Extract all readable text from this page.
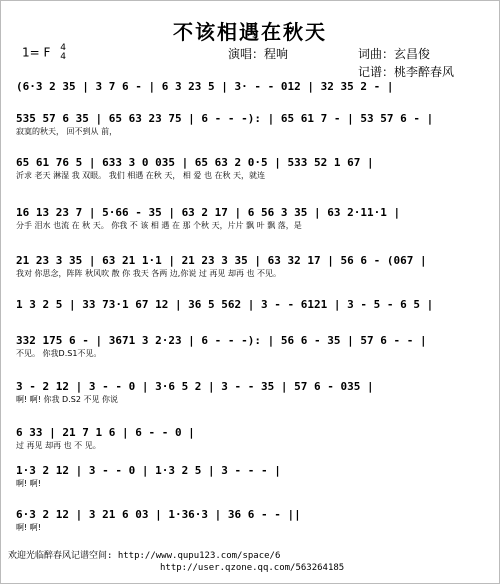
不该相遇在秋天
1= F 4
4	演唱：程响	词曲：玄昌俊
记谱：桃李醉春风
(6·3 2 35 | 3 7 6 - | 6 3 23 5 | 3· - - 012 | 32 35 2 - |
535 57 6 35 | 65 63 23 75 | 6 - - -): | 65 61 7 - | 53 57 6 - |
寂寞的秋天， 回不到从 前，
65 61 76 5 | 633 3 0 035 | 65 63 2 0·5 | 533 52 1 67 |
沂求 老天 淋湿 我 双眼。 我们 相遇 在秋 天， 相 爱 也 在秋 天，就连
16 13 23 7 | 5·66 - 35 | 63 2 17 | 6 56 3 35 | 63 2·11·1 |
分手 泪水 也流 在 秋 天。 你我 不 该 相 遇 在 那 个秋 天，片片 飘 叶 飘 落，是
21 23 3 35 | 63 21 1·1 | 21 23 3 35 | 63 32 17 | 56 6 - (067 |
我对 你思念，阵阵 秋风吹 散 你 我天 各两 边,你说 过 再见 却再 也 不见。
1 3 2 5 | 33 73·1 67 12 | 36 5 562 | 3 - - 6121 | 3 - 5 - 6 5 |
332 175 6 - | 3671 3 2·23 | 6 - - -): | 56 6 - 35 | 57 6 - - |
不见。 你我D.S1不见。
3 - 2 12 | 3 - - 0 | 3·6 5 2 | 3 - - 35 | 57 6 - 035 |
啊! 啊! 你我 D.S2 不见 你说
6 33 | 21 7 1 6 | 6 - - 0 |
过 再见 却再 也 不 见。
1·3 2 12 | 3 - - 0 | 1·3 2 5 | 3 - - - |
啊! 啊!
6·3 2 12 | 3 21 6 03 | 1·36·3 | 36 6 - - ||
啊! 啊!
欢迎光临醉春风记谱空间: http://www.qupu123.com/space/6
http://user.qzone.qq.com/563264185
